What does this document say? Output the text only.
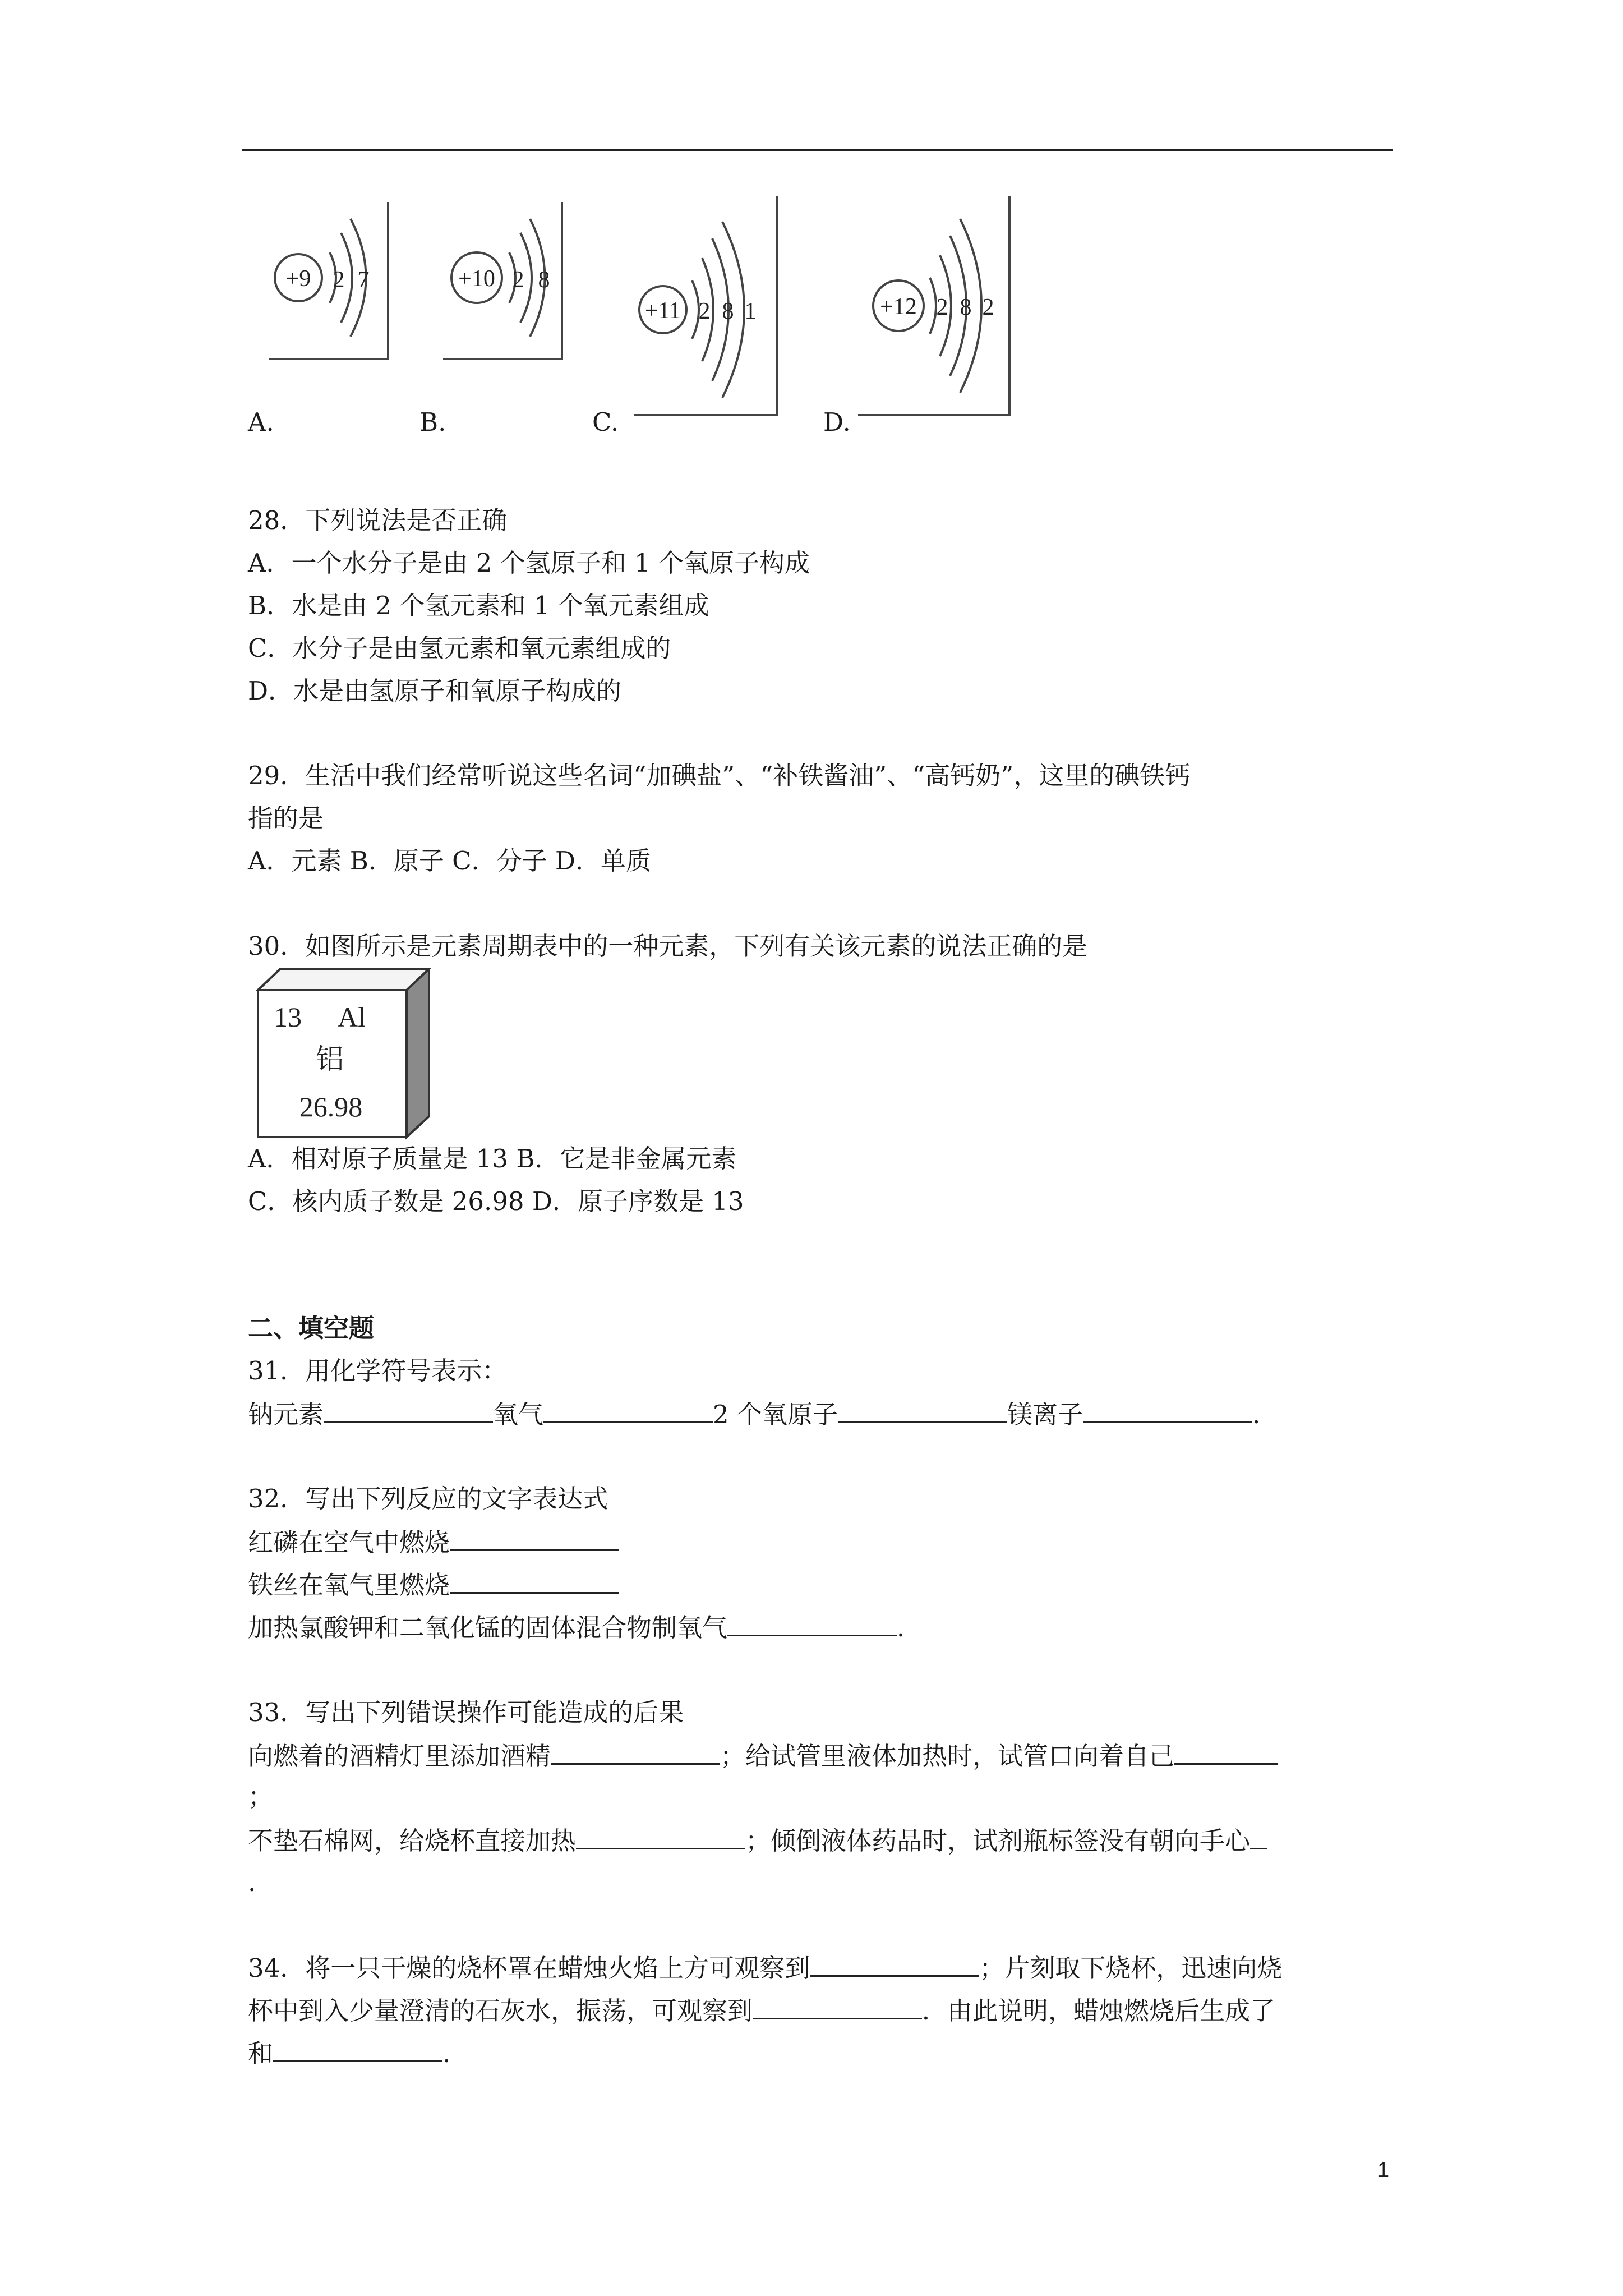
+9 2 7	+10 2 8
+11 2 8 1	+12 2 8 2
A.	B.	C.	D.
28．下列说法是否正确
A．一个水分子是由 2 个氢原子和 1 个氧原子构成
B．水是由 2 个氢元素和 1 个氧元素组成
C．水分子是由氢元素和氧元素组成的
D．水是由氢原子和氧原子构成的
29．生活中我们经常听说这些名词“加碘盐”、“补铁酱油”、“高钙奶”，这里的碘铁钙
指的是
A．元素 B．原子 C．分子 D．单质
30．如图所示是元素周期表中的一种元素，下列有关该元素的说法正确的是
13 Al
铝
26.98
A．相对原子质量是 13 B．它是非金属元素
C．核内质子数是 26.98 D．原子序数是 13
二、填空题
31．用化学符号表示：
钠元素	氧气	2 个氧原子	镁离子	.
32．写出下列反应的文字表达式
红磷在空气中燃烧
铁丝在氧气里燃烧
加热氯酸钾和二氧化锰的固体混合物制氧气	.
33．写出下列错误操作可能造成的后果
向燃着的酒精灯里添加酒精	；给试管里液体加热时，试管口向着自己
；
不垫石棉网，给烧杯直接加热	；倾倒液体药品时，试剂瓶标签没有朝向手心
.
34．将一只干燥的烧杯罩在蜡烛火焰上方可观察到	；片刻取下烧杯，迅速向烧
杯中到入少量澄清的石灰水，振荡，可观察到	．由此说明，蜡烛燃烧后生成了
和	.
1
